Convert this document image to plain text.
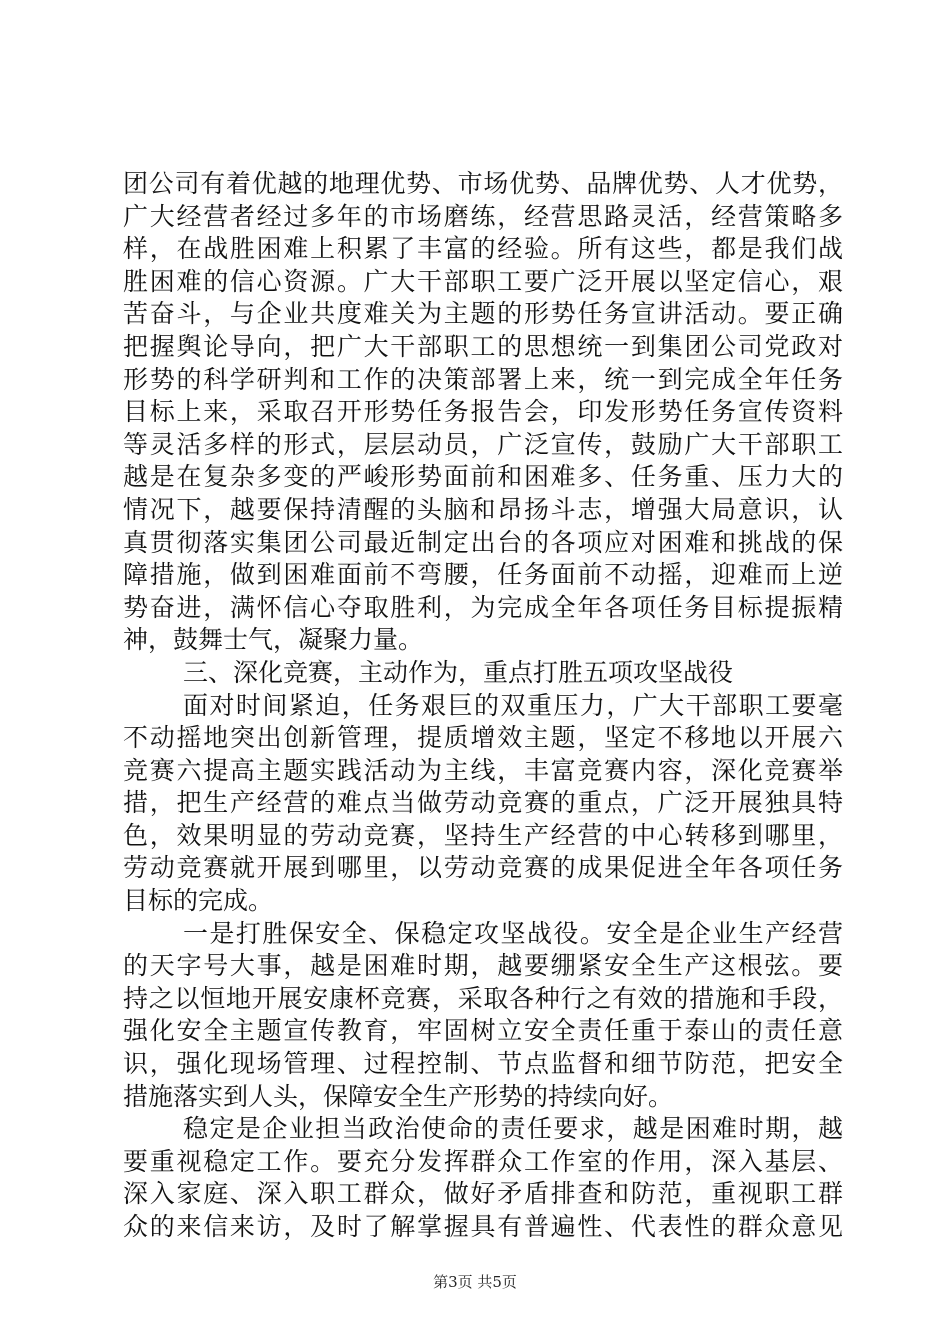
团公司有着优越的地理优势、市场优势、品牌优势、人才优势，
广大经营者经过多年的市场磨练，经营思路灵活，经营策略多
样，在战胜困难上积累了丰富的经验。所有这些，都是我们战
胜困难的信心资源。广大干部职工要广泛开展以坚定信心，艰
苦奋斗，与企业共度难关为主题的形势任务宣讲活动。要正确
把握舆论导向，把广大干部职工的思想统一到集团公司党政对
形势的科学研判和工作的决策部署上来，统一到完成全年任务
目标上来，采取召开形势任务报告会，印发形势任务宣传资料
等灵活多样的形式，层层动员，广泛宣传，鼓励广大干部职工
越是在复杂多变的严峻形势面前和困难多、任务重、压力大的
情况下，越要保持清醒的头脑和昂扬斗志，增强大局意识，认
真贯彻落实集团公司最近制定出台的各项应对困难和挑战的保
障措施，做到困难面前不弯腰，任务面前不动摇，迎难而上逆
势奋进，满怀信心夺取胜利，为完成全年各项任务目标提振精
神，鼓舞士气，凝聚力量。
三、深化竞赛，主动作为，重点打胜五项攻坚战役
面对时间紧迫，任务艰巨的双重压力，广大干部职工要毫
不动摇地突出创新管理，提质增效主题，坚定不移地以开展六
竞赛六提高主题实践活动为主线，丰富竞赛内容，深化竞赛举
措，把生产经营的难点当做劳动竞赛的重点，广泛开展独具特
色，效果明显的劳动竞赛，坚持生产经营的中心转移到哪里，
劳动竞赛就开展到哪里，以劳动竞赛的成果促进全年各项任务
目标的完成。
一是打胜保安全、保稳定攻坚战役。安全是企业生产经营
的天字号大事，越是困难时期，越要绷紧安全生产这根弦。要
持之以恒地开展安康杯竞赛，采取各种行之有效的措施和手段，
强化安全主题宣传教育，牢固树立安全责任重于泰山的责任意
识，强化现场管理、过程控制、节点监督和细节防范，把安全
措施落实到人头，保障安全生产形势的持续向好。
稳定是企业担当政治使命的责任要求，越是困难时期，越
要重视稳定工作。要充分发挥群众工作室的作用，深入基层、
深入家庭、深入职工群众，做好矛盾排查和防范，重视职工群
众的来信来访，及时了解掌握具有普遍性、代表性的群众意见
第3页 共5页
